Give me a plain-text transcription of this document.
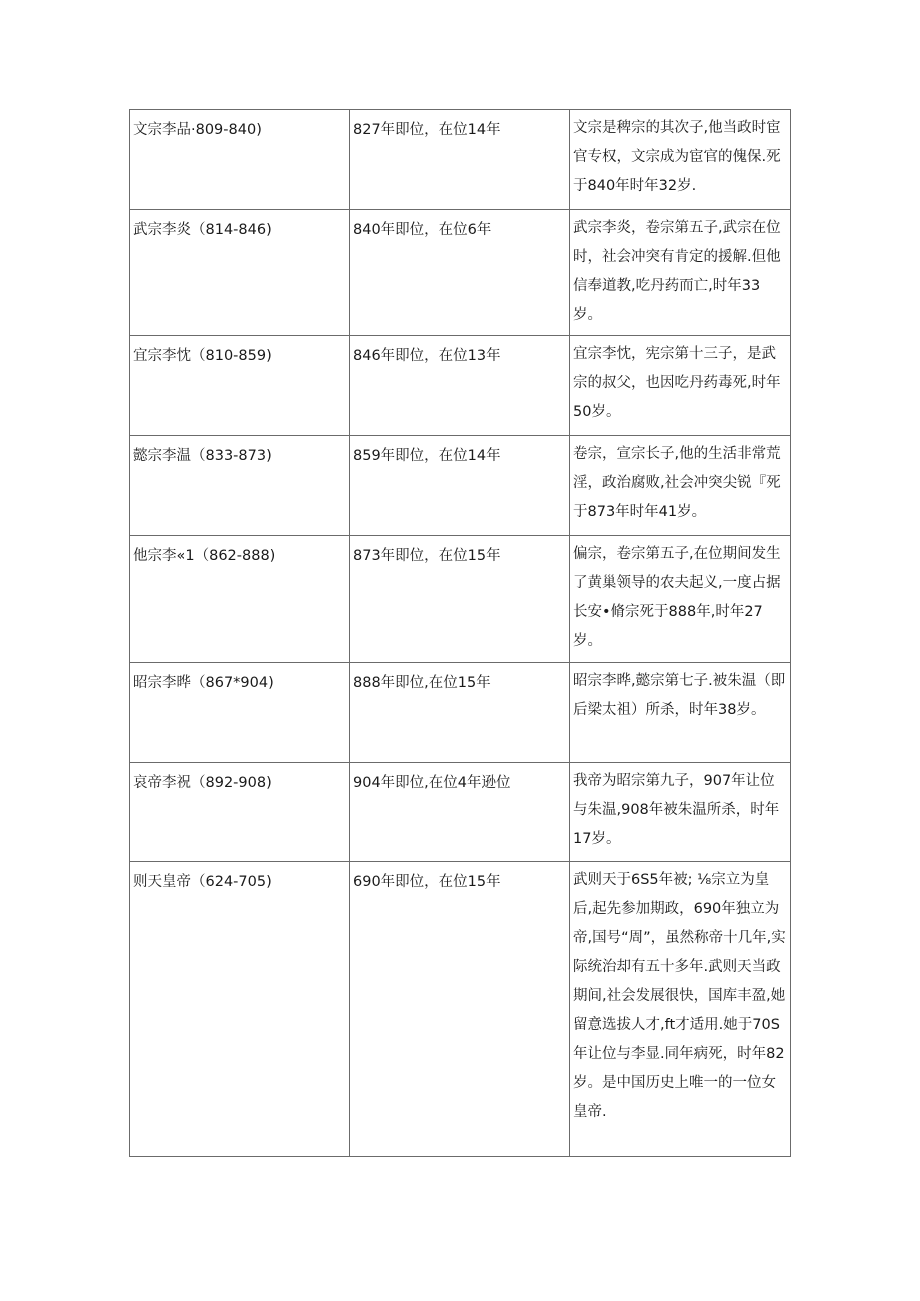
文宗李品·809-840)	827年即位，在位14年	文宗是稗宗的其次子,他当政时宦官专权，文宗成为宦官的傀保.死于840年时年32岁.

武宗李炎（814-846)	840年即位，在位6年	武宗李炎，卷宗第五子,武宗在位时，社会冲突有肯定的援解.但他信奉道教,吃丹药而亡,时年33岁。

宜宗李忱（810-859)	846年即位，在位13年	宜宗李忱，宪宗第十三子，是武宗的叔父，也因吃丹药毒死,时年50岁。

懿宗李温（833-873)	859年即位，在位14年	卷宗，宣宗长子,他的生活非常荒淫，政治腐败,社会冲突尖锐『死于873年时年41岁。

他宗李«1（862-888)	873年即位，在位15年	偏宗，卷宗第五子,在位期间发生了黄巢领导的农夫起义,一度占据长安•脩宗死于888年,时年27岁。

昭宗李晔（867*904)	888年即位,在位15年	昭宗李晔,懿宗第七子.被朱温（即后梁太祖）所杀，时年38岁。

哀帝李祝（892-908)	904年即位,在位4年逊位	我帝为昭宗第九子，907年让位与朱温,908年被朱温所杀，时年17岁。

则天皇帝（624-705)	690年即位，在位15年	武则天于6S5年被; ⅛宗立为皇后,起先参加期政，690年独立为帝,国号“周”，虽然称帝十几年,实际统治却有五十多年.武则天当政期间,社会发展很快，国库丰盈,她留意选拔人才,ft才适用.她于70S年让位与李显.同年病死，时年82岁。是中国历史上唯一的一位女皇帝.
